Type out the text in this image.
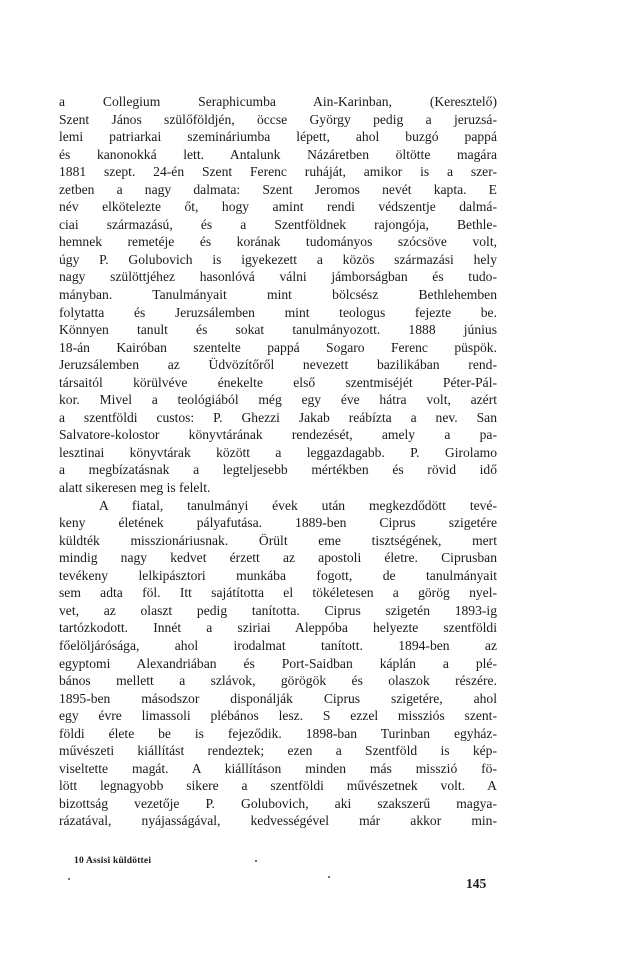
a Collegium Seraphicumba Ain-Karinban, (Keresztelő)
Szent János szülőföldjén, öccse György pedig a jeruzsá-
lemi patriarkai szemináriumba lépett, ahol buzgó pappá
és kanonokká lett. Antalunk Názáretben öltötte magára
1881 szept. 24-én Szent Ferenc ruháját, amikor is a szer-
zetben a nagy dalmata: Szent Jeromos nevét kapta. E
név elkötelezte őt, hogy amint rendi védszentje dalmá-
ciai származású, és a Szentföldnek rajongója, Bethle-
hemnek remetéje és korának tudományos szócsöve volt,
úgy P. Golubovich is igyekezett a közös származási hely
nagy szülöttjéhez hasonlóvá válni jámborságban és tudo-
mányban. Tanulmányait mint bölcsész Bethlehemben
folytatta és Jeruzsálemben mint teologus fejezte be.
Könnyen tanult és sokat tanulmányozott. 1888 június
18-án Kairóban szentelte pappá Sogaro Ferenc püspök.
Jeruzsálemben az Üdvözítőről nevezett bazilikában rend-
társaitól körülvéve énekelte első szentmiséjét Péter-Pál-
kor. Mivel a teológiából még egy éve hátra volt, azért
a szentföldi custos: P. Ghezzi Jakab reábízta a nev. San
Salvatore-kolostor könyvtárának rendezését, amely a pa-
lesztinai könyvtárak között a leggazdagabb. P. Girolamo
a megbízatásnak a legteljesebb mértékben és rövid idő
alatt sikeresen meg is felelt.
A fiatal, tanulmányi évek után megkezdődött tevé-
keny életének pályafutása. 1889-ben Ciprus szigetére
küldték misszionáriusnak. Örült eme tisztségének, mert
mindig nagy kedvet érzett az apostoli életre. Ciprusban
tevékeny lelkipásztori munkába fogott, de tanulmányait
sem adta föl. Itt sajátította el tökéletesen a görög nyel-
vet, az olaszt pedig tanította. Ciprus szigetén 1893-ig
tartózkodott. Innét a sziriai Aleppóba helyezte szentföldi
főelöljárósága, ahol irodalmat tanított. 1894-ben az
egyptomi Alexandriában és Port-Saidban káplán a plé-
bános mellett a szlávok, görögök és olaszok részére.
1895-ben másodszor disponálják Ciprus szigetére, ahol
egy évre limassoli plébános lesz. S ezzel missziós szent-
földi élete be is fejeződik. 1898-ban Turinban egyház-
művészeti kiállítást rendeztek; ezen a Szentföld is kép-
viseltette magát. A kiállításon minden más misszió fö-
lött legnagyobb sikere a szentföldi művészetnek volt. A
bizottság vezetője P. Golubovich, aki szakszerű magya-
rázatával, nyájasságával, kedvességével már akkor min-
10 Assisi küldöttei
145
